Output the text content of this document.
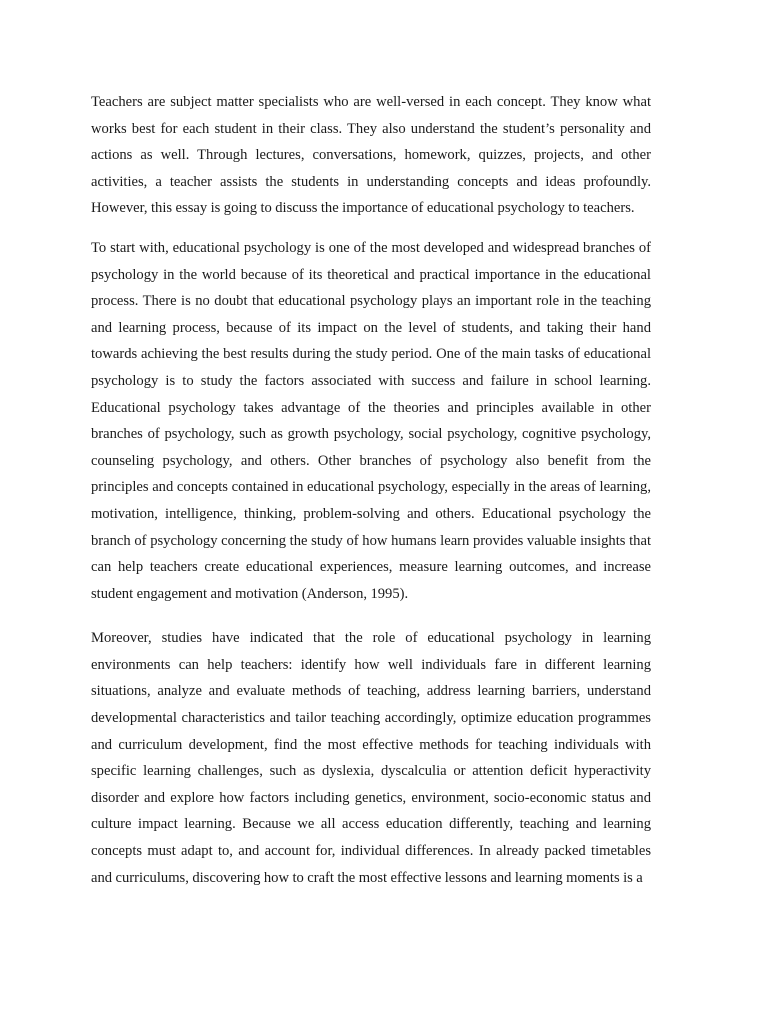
Teachers are subject matter specialists who are well-versed in each concept. They know what works best for each student in their class. They also understand the student’s personality and actions as well. Through lectures, conversations, homework, quizzes, projects, and other activities, a teacher assists the students in understanding concepts and ideas profoundly. However, this essay is going to discuss the importance of educational psychology to teachers.

To start with, educational psychology is one of the most developed and widespread branches of psychology in the world because of its theoretical and practical importance in the educational process. There is no doubt that educational psychology plays an important role in the teaching and learning process, because of its impact on the level of students, and taking their hand towards achieving the best results during the study period. One of the main tasks of educational psychology is to study the factors associated with success and failure in school learning. Educational psychology takes advantage of the theories and principles available in other branches of psychology, such as growth psychology, social psychology, cognitive psychology, counseling psychology, and others. Other branches of psychology also benefit from the principles and concepts contained in educational psychology, especially in the areas of learning, motivation, intelligence, thinking, problem-solving and others. Educational psychology the branch of psychology concerning the study of how humans learn provides valuable insights that can help teachers create educational experiences, measure learning outcomes, and increase student engagement and motivation (Anderson, 1995).

Moreover, studies have indicated that the role of educational psychology in learning environments can help teachers: identify how well individuals fare in different learning situations, analyze and evaluate methods of teaching, address learning barriers, understand developmental characteristics and tailor teaching accordingly, optimize education programmes and curriculum development, find the most effective methods for teaching individuals with specific learning challenges, such as dyslexia, dyscalculia or attention deficit hyperactivity disorder and explore how factors including genetics, environment, socio-economic status and culture impact learning. Because we all access education differently, teaching and learning concepts must adapt to, and account for, individual differences. In already packed timetables and curriculums, discovering how to craft the most effective lessons and learning moments is a
